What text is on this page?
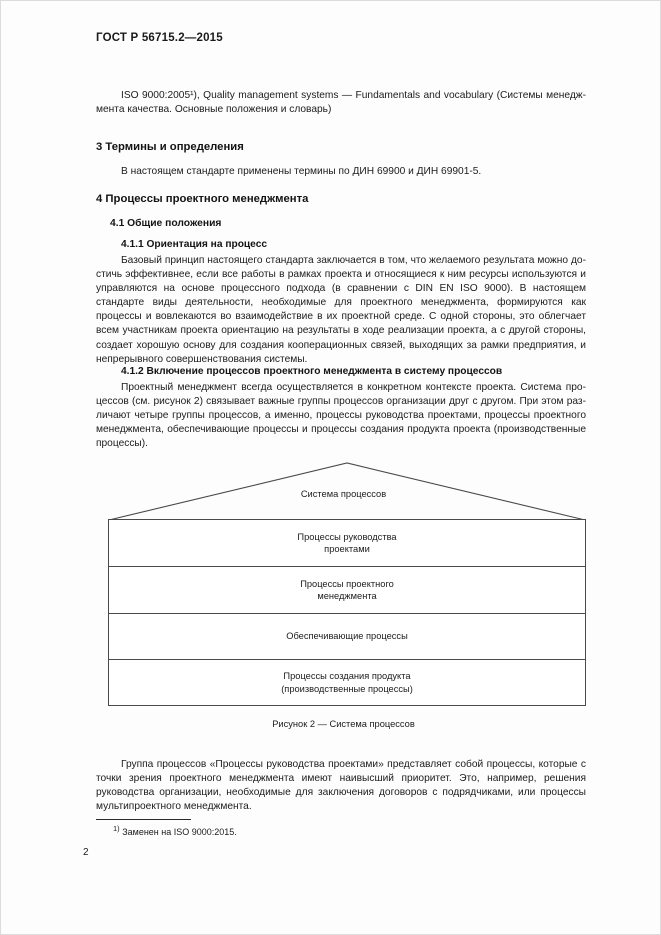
ГОСТ Р 56715.2—2015

ISO 9000:2005¹), Quality management systems — Fundamentals and vocabulary (Системы менедж-мента качества. Основные положения и словарь)

3 Термины и определения

В настоящем стандарте применены термины по ДИН 69900 и ДИН 69901-5.

4 Процессы проектного менеджмента

4.1 Общие положения

4.1.1 Ориентация на процесс

Базовый принцип настоящего стандарта заключается в том, что желаемого результата можно достичь эффективнее, если все работы в рамках проекта и относящиеся к ним ресурсы используются и управляются на основе процессного подхода (в сравнении с DIN EN ISO 9000). В настоящем стандарте виды деятельности, необходимые для проектного менеджмента, формируются как процессы и вовлекаются во взаимодействие в их проектной среде. С одной стороны, это облегчает всем участникам проекта ориентацию на результаты в ходе реализации проекта, а с другой стороны, создает хорошую основу для создания кооперационных связей, выходящих за рамки предприятия, и непрерывного совершенствования системы.

4.1.2 Включение процессов проектного менеджмента в систему процессов

Проектный менеджмент всегда осуществляется в конкретном контексте проекта. Система процессов (см. рисунок 2) связывает важные группы процессов организации друг с другом. При этом различают четыре группы процессов, а именно, процессы руководства проектами, процессы проектного менеджмента, обеспечивающие процессы и процессы создания продукта проекта (производственные процессы).

Система процессов
Процессы руководства
проектами
Процессы проектного
менеджмента
Обеспечивающие процессы
Процессы создания продукта
(производственные процессы)
Рисунок 2 — Система процессов

Группа процессов «Процессы руководства проектами» представляет собой процессы, которые с точки зрения проектного менеджмента имеют наивысший приоритет. Это, например, решения руководства организации, необходимые для заключения договоров с подрядчиками, или процессы мультипроектного менеджмента.

$^{1)}$ Заменен на ISO 9000:2015.
2
